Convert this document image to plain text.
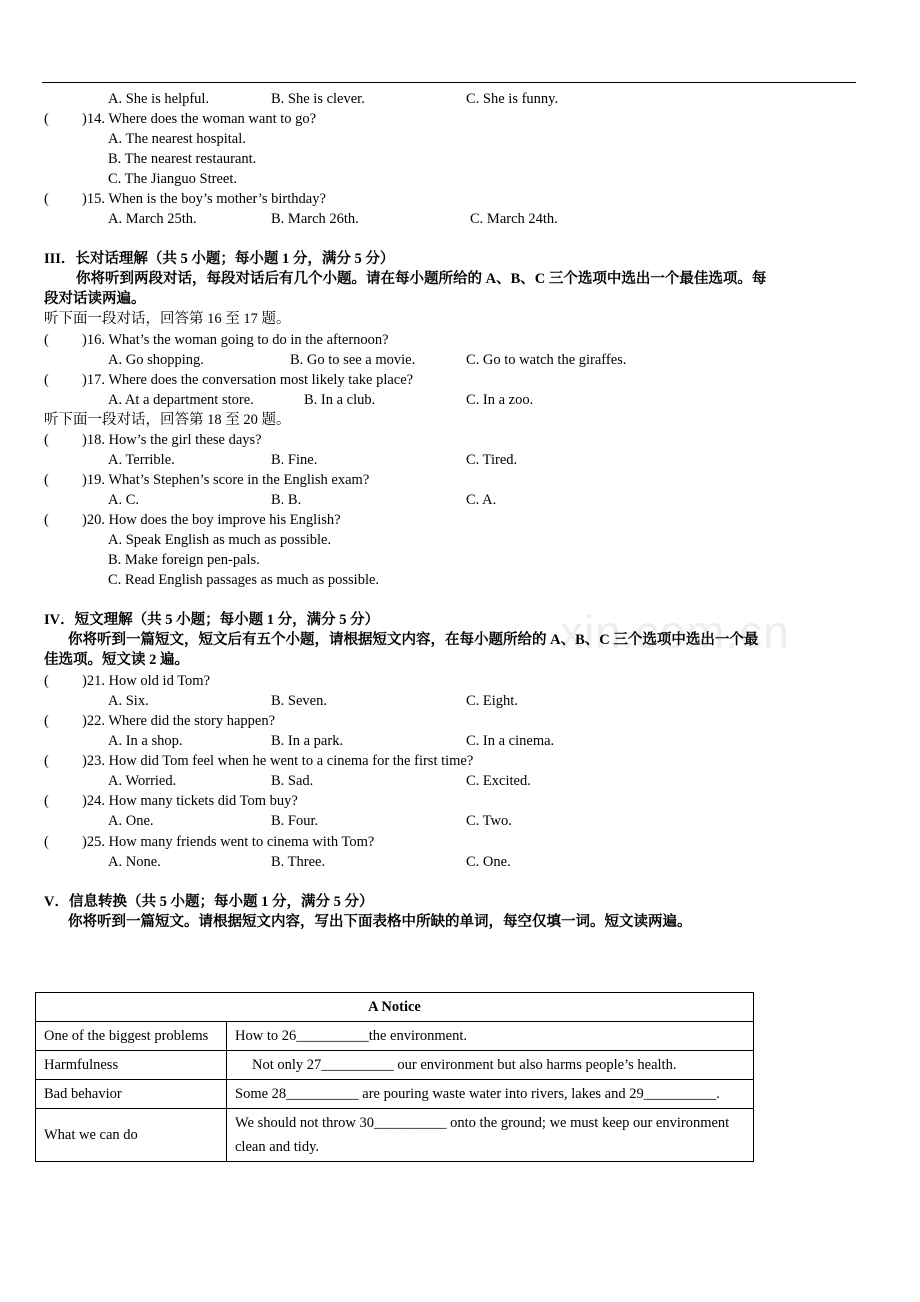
xin.com.cn
A. She is helpful.	B. She is clever.	C. She is funny.
( )14. Where does the woman want to go?
A. The nearest hospital.
B. The nearest restaurant.
C. The Jianguo Street.
( )15. When is the boy’s mother’s birthday?
A. March 25th.	B. March 26th.	C. March 24th.
III．长对话理解（共 5 小题；每小题 1 分，满分 5 分）
你将听到两段对话，每段对话后有几个小题。请在每小题所给的 A、B、C 三个选项中选出一个最佳选项。每
段对话读两遍。
听下面一段对话，回答第 16 至 17 题。
( )16. What’s the woman going to do in the afternoon?
A. Go shopping.	B. Go to see a movie.	C. Go to watch the giraffes.
( )17. Where does the conversation most likely take place?
A. At a department store.	B. In a club.	C. In a zoo.
听下面一段对话，回答第 18 至 20 题。
( )18. How’s the girl these days?
A. Terrible.	B. Fine.	C. Tired.
( )19. What’s Stephen’s score in the English exam?
A. C.	B. B.	C. A.
( )20. How does the boy improve his English?
A. Speak English as much as possible.
B. Make foreign pen-pals.
C. Read English passages as much as possible.
IV．短文理解（共 5 小题；每小题 1 分，满分 5 分）
你将听到一篇短文，短文后有五个小题，请根据短文内容，在每小题所给的 A、B、C 三个选项中选出一个最
佳选项。短文读 2 遍。
( )21. How old id Tom?
A. Six.	B. Seven.	C. Eight.
( )22. Where did the story happen?
A. In a shop.	B. In a park.	C. In a cinema.
( )23. How did Tom feel when he went to a cinema for the first time?
A. Worried.	B. Sad.	C. Excited.
( )24. How many tickets did Tom buy?
A. One.	B. Four.	C. Two.
( )25. How many friends went to cinema with Tom?
A. None.	B. Three.	C. One.
V．信息转换（共 5 小题；每小题 1 分，满分 5 分）
你将听到一篇短文。请根据短文内容，写出下面表格中所缺的单词，每空仅填一词。短文读两遍。
A Notice	
One of the biggest problems	How to 26__________the environment.
Harmfulness	Not only 27__________ our environment but also harms people’s health.
Bad behavior	Some 28__________ are pouring waste water into rivers, lakes and 29__________.
What we can do	We should not throw 30__________ onto the ground; we must keep our environment clean and tidy.
